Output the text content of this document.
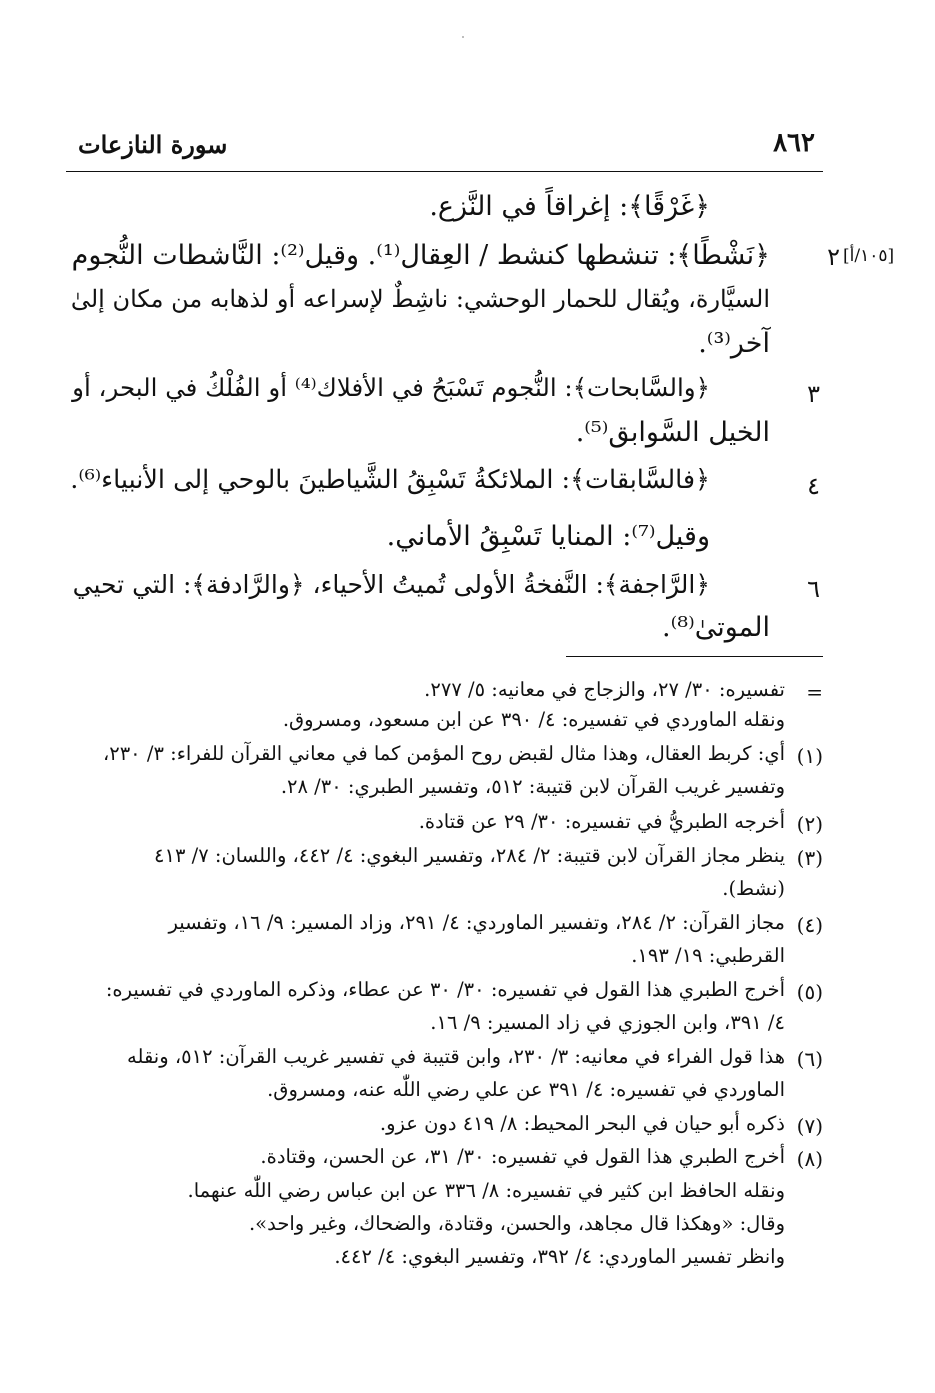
٨٦٢
سورة النازعات
[١٠٥/أ]
﴿غَرْقًا﴾: إغراقاً في النَّزع.
٢
﴿نَشْطًا﴾: تنشطها كنشط / العِقال⁽¹⁾. وقيل⁽²⁾: النَّاشطات النُّجوم
السيَّارة، ويُقال للحمار الوحشي: ناشِطٌ لإسراعه أو لذهابه من مكان إلىٰ
آخر⁽³⁾.
٣
﴿والسَّابحات﴾: النُّجوم تَسْبَحُ في الأفلاك⁽⁴⁾ أو الفُلْكُ في البحر، أو
الخيل السَّوابق⁽⁵⁾.
٤
﴿فالسَّابقات﴾: الملائكةُ تَسْبِقُ الشَّياطينَ بالوحي إلى الأنبياء⁽⁶⁾.
وقيل⁽⁷⁾: المنايا تَسْبِقُ الأماني.
٦
﴿الرَّاجفة﴾: النَّفخةُ الأولى تُميتُ الأحياء، ﴿والرَّادفة﴾: التي تحيي
الموتىٰ⁽⁸⁾.
=
تفسيره: ٣٠/ ٢٧، والزجاج في معانيه: ٥/ ٢٧٧.
ونقله الماوردي في تفسيره: ٤/ ٣٩٠ عن ابن مسعود، ومسروق.
(١)
أي: كربط العقال، وهذا مثال لقبض روح المؤمن كما في معاني القرآن للفراء: ٣/ ٢٣٠،
وتفسير غريب القرآن لابن قتيبة: ٥١٢، وتفسير الطبري: ٣٠/ ٢٨.
(٢)
أخرجه الطبريُّ في تفسيره: ٣٠/ ٢٩ عن قتادة.
(٣)
ينظر مجاز القرآن لابن قتيبة: ٢/ ٢٨٤، وتفسير البغوي: ٤/ ٤٤٢، واللسان: ٧/ ٤١٣
(نشط).
(٤)
مجاز القرآن: ٢/ ٢٨٤، وتفسير الماوردي: ٤/ ٢٩١، وزاد المسير: ٩/ ١٦، وتفسير
القرطبي: ١٩/ ١٩٣.
(٥)
أخرج الطبري هذا القول في تفسيره: ٣٠/ ٣٠ عن عطاء، وذكره الماوردي في تفسيره:
٤/ ٣٩١، وابن الجوزي في زاد المسير: ٩/ ١٦.
(٦)
هذا قول الفراء في معانيه: ٣/ ٢٣٠، وابن قتيبة في تفسير غريب القرآن: ٥١٢، ونقله
الماوردي في تفسيره: ٤/ ٣٩١ عن علي رضي اللّٰه عنه، ومسروق.
(٧)
ذكره أبو حيان في البحر المحيط: ٨/ ٤١٩ دون عزو.
(٨)
أخرج الطبري هذا القول في تفسيره: ٣٠/ ٣١، عن الحسن، وقتادة.
ونقله الحافظ ابن كثير في تفسيره: ٨/ ٣٣٦ عن ابن عباس رضي اللّٰه عنهما.
وقال: «وهكذا قال مجاهد، والحسن، وقتادة، والضحاك، وغير واحد».
وانظر تفسير الماوردي: ٤/ ٣٩٢، وتفسير البغوي: ٤/ ٤٤٢.
